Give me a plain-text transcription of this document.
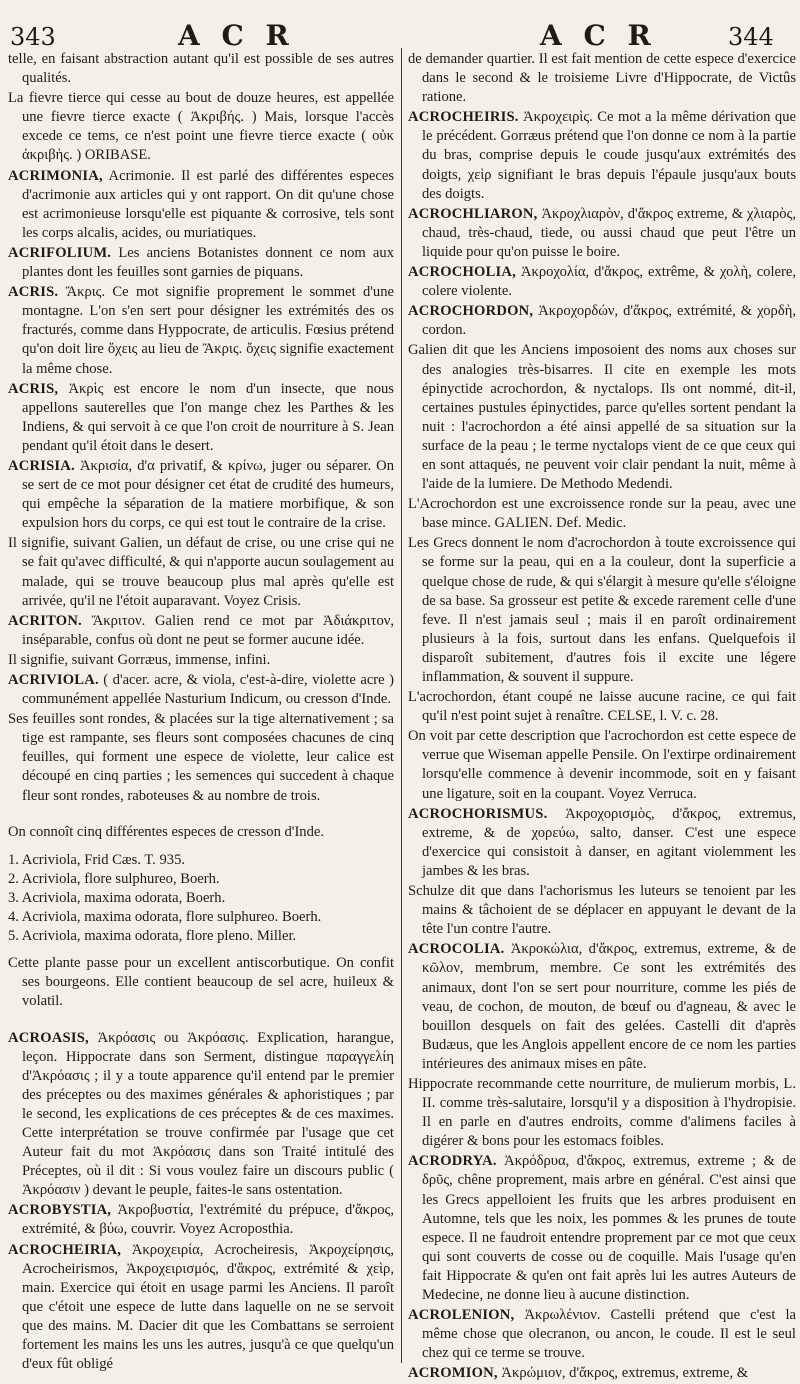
343	A C R	A C R	344

telle, en faisant abstraction autant qu'il est possible de ses autres qualités.

La fievre tierce qui cesse au bout de douze heures, est appellée une fievre tierce exacte ( Ἀκριβής. ) Mais, lorsque l'accès excede ce tems, ce n'est point une fievre tierce exacte ( οὐκ ἀκριβὴς. ) ORIBASE.

ACRIMONIA, Acrimonie. Il est parlé des différentes especes d'acrimonie aux articles qui y ont rapport. On dit qu'une chose est acrimonieuse lorsqu'elle est piquante & corrosive, tels sont les corps alcalis, acides, ou muriatiques.

ACRIFOLIUM. Les anciens Botanistes donnent ce nom aux plantes dont les feuilles sont garnies de piquans.

ACRIS. Ἄκρις. Ce mot signifie proprement le sommet d'une montagne. L'on s'en sert pour désigner les extrémités des os fracturés, comme dans Hyppocrate, de articulis. Fœsius prétend qu'on doit lire ὄχεις au lieu de Ἄκρις. ὄχεις signifie exactement la même chose.

ACRIS, Ἀκρὶς est encore le nom d'un insecte, que nous appellons sauterelles que l'on mange chez les Parthes & les Indiens, & qui servoit à ce que l'on croit de nourriture à S. Jean pendant qu'il étoit dans le desert.

ACRISIA. Ἀκρισία, d'α privatif, & κρίνω, juger ou séparer. On se sert de ce mot pour désigner cet état de crudité des humeurs, qui empêche la séparation de la matiere morbifique, & son expulsion hors du corps, ce qui est tout le contraire de la crise.

Il signifie, suivant Galien, un défaut de crise, ou une crise qui ne se fait qu'avec difficulté, & qui n'apporte aucun soulagement au malade, qui se trouve beaucoup plus mal après qu'elle est arrivée, qu'il ne l'étoit auparavant. Voyez Crisis.

ACRITON. Ἄκριτον. Galien rend ce mot par Ἀδιάκριτον, inséparable, confus où dont ne peut se former aucune idée.

Il signifie, suivant Gorræus, immense, infini.

ACRIVIOLA. ( d'acer. acre, & viola, c'est-à-dire, violette acre ) communément appellée Nasturium Indicum, ou cresson d'Inde.

Ses feuilles sont rondes, & placées sur la tige alternativement ; sa tige est rampante, ses fleurs sont composées chacunes de cinq feuilles, qui forment une espece de violette, leur calice est découpé en cinq parties ; les semences qui succedent à chaque fleur sont rondes, raboteuses & au nombre de trois.

On connoît cinq différentes especes de cresson d'Inde.

1. Acriviola, Frid Cæs. T. 935.
2. Acriviola, flore sulphureo, Boerh.
3. Acriviola, maxima odorata, Boerh.
4. Acriviola, maxima odorata, flore sulphureo. Boerh.
5. Acriviola, maxima odorata, flore pleno. Miller.

Cette plante passe pour un excellent antiscorbutique. On confit ses bourgeons. Elle contient beaucoup de sel acre, huileux & volatil.

ACROASIS, Ἀκρόασις ou Ἀκρόασις. Explication, harangue, leçon. Hippocrate dans son Serment, distingue παραγγελίη d'Ἀκρόασις ; il y a toute apparence qu'il entend par le premier des préceptes ou des maximes générales & aphoristiques ; par le second, les explications de ces préceptes & de ces maximes. Cette interprétation se trouve confirmée par l'usage que cet Auteur fait du mot Ἀκρόασις dans son Traité intitulé des Préceptes, où il dit : Si vous voulez faire un discours public ( Ἀκρόασιν ) devant le peuple, faites-le sans ostentation.

ACROBYSTIA, Ἀκροβυστία, l'extrémité du prépuce, d'ἄκρος, extrémité, & βύω, couvrir. Voyez Acroposthia.

ACROCHEIRIA, Ἀκροχειρία, Acrocheiresis, Ἀκροχείρησις, Acrocheirismos, Ἀκροχειρισμός, d'ἄκρος, extrémité & χεὶρ, main. Exercice qui étoit en usage parmi les Anciens. Il paroît que c'étoit une espece de lutte dans laquelle on ne se servoit que des mains. M. Dacier dit que les Combattans se serroient fortement les mains les uns les autres, jusqu'à ce que quelqu'un d'eux fût obligé

de demander quartier. Il est fait mention de cette espece d'exercice dans le second & le troisieme Livre d'Hippocrate, de Victûs ratione.

ACROCHEIRIS. Ἀκροχειρὶς. Ce mot a la même dérivation que le précédent. Gorræus prétend que l'on donne ce nom à la partie du bras, comprise depuis le coude jusqu'aux extrémités des doigts, χεὶρ signifiant le bras depuis l'épaule jusqu'aux bouts des doigts.

ACROCHLIARON, Ἀκροχλιαρὸν, d'ἄκρος extreme, & χλιαρὸς, chaud, très-chaud, tiede, ou aussi chaud que peut l'être un liquide pour qu'on puisse le boire.

ACROCHOLIA, Ἀκροχολία, d'ἄκρος, extrême, & χολὴ, colere, colere violente.

ACROCHORDON, Ἀκροχορδών, d'ἄκρος, extrémité, & χορδὴ, cordon.

Galien dit que les Anciens imposoient des noms aux choses sur des analogies très-bisarres. Il cite en exemple les mots épinyctide acrochordon, & nyctalops. Ils ont nommé, dit-il, certaines pustules épinyctides, parce qu'elles sortent pendant la nuit : l'acrochordon a été ainsi appellé de sa situation sur la surface de la peau ; le terme nyctalops vient de ce que ceux qui en sont attaqués, ne peuvent voir clair pendant la nuit, même à l'aide de la lumiere. De Methodo Medendi.

L'Acrochordon est une excroissence ronde sur la peau, avec une base mince. GALIEN. Def. Medic.

Les Grecs donnent le nom d'acrochordon à toute excroissence qui se forme sur la peau, qui en a la couleur, dont la superficie a quelque chose de rude, & qui s'élargit à mesure qu'elle s'éloigne de sa base. Sa grosseur est petite & excede rarement celle d'une feve. Il n'est jamais seul ; mais il en paroît ordinairement plusieurs à la fois, surtout dans les enfans. Quelquefois il disparoît subitement, d'autres fois il excite une légere inflammation, & souvent il suppure.

L'acrochordon, étant coupé ne laisse aucune racine, ce qui fait qu'il n'est point sujet à renaître. CELSE, l. V. c. 28.

On voit par cette description que l'acrochordon est cette espece de verrue que Wiseman appelle Pensile. On l'extirpe ordinairement lorsqu'elle commence à devenir incommode, soit en y faisant une ligature, soit en la coupant. Voyez Verruca.

ACROCHORISMUS. Ἀκροχορισμὸς, d'ἄκρος, extremus, extreme, & de χορεύω, salto, danser. C'est une espece d'exercice qui consistoit à danser, en agitant violemment les jambes & les bras.

Schulze dit que dans l'achorismus les luteurs se tenoient par les mains & tâchoient de se déplacer en appuyant le devant de la tête l'un contre l'autre.

ACROCOLIA. Ἀκροκώλια, d'ἄκρος, extremus, extreme, & de κῶλον, membrum, membre. Ce sont les extrémités des animaux, dont l'on se sert pour nourriture, comme les piés de veau, de cochon, de mouton, de bœuf ou d'agneau, & avec le bouillon desquels on fait des gelées. Castelli dit d'après Budæus, que les Anglois appellent encore de ce nom les parties intérieures des animaux mises en pâte.

Hippocrate recommande cette nourriture, de mulierum morbis, L. II. comme très-salutaire, lorsqu'il y a disposition à l'hydropisie. Il en parle en d'autres endroits, comme d'alimens faciles à digérer & bons pour les estomacs foibles.

ACRODRYA. Ἀκρόδρυα, d'ἄκρος, extremus, extreme ; & de δρῦς, chêne proprement, mais arbre en général. C'est ainsi que les Grecs appelloient les fruits que les arbres produisent en Automne, tels que les noix, les pommes & les prunes de toute espece. Il ne faudroit entendre proprement par ce mot que ceux qui sont couverts de cosse ou de coquille. Mais l'usage qu'en fait Hippocrate & qu'en ont fait après lui les autres Auteurs de Medecine, ne donne lieu à aucune distinction.

ACROLENION, Ἀκρωλένιον. Castelli prétend que c'est la même chose que olecranon, ou ancon, le coude. Il est le seul chez qui ce terme se trouve.

ACROMION, Ἀκρώμιον, d'ἄκρος, extremus, extreme, &
